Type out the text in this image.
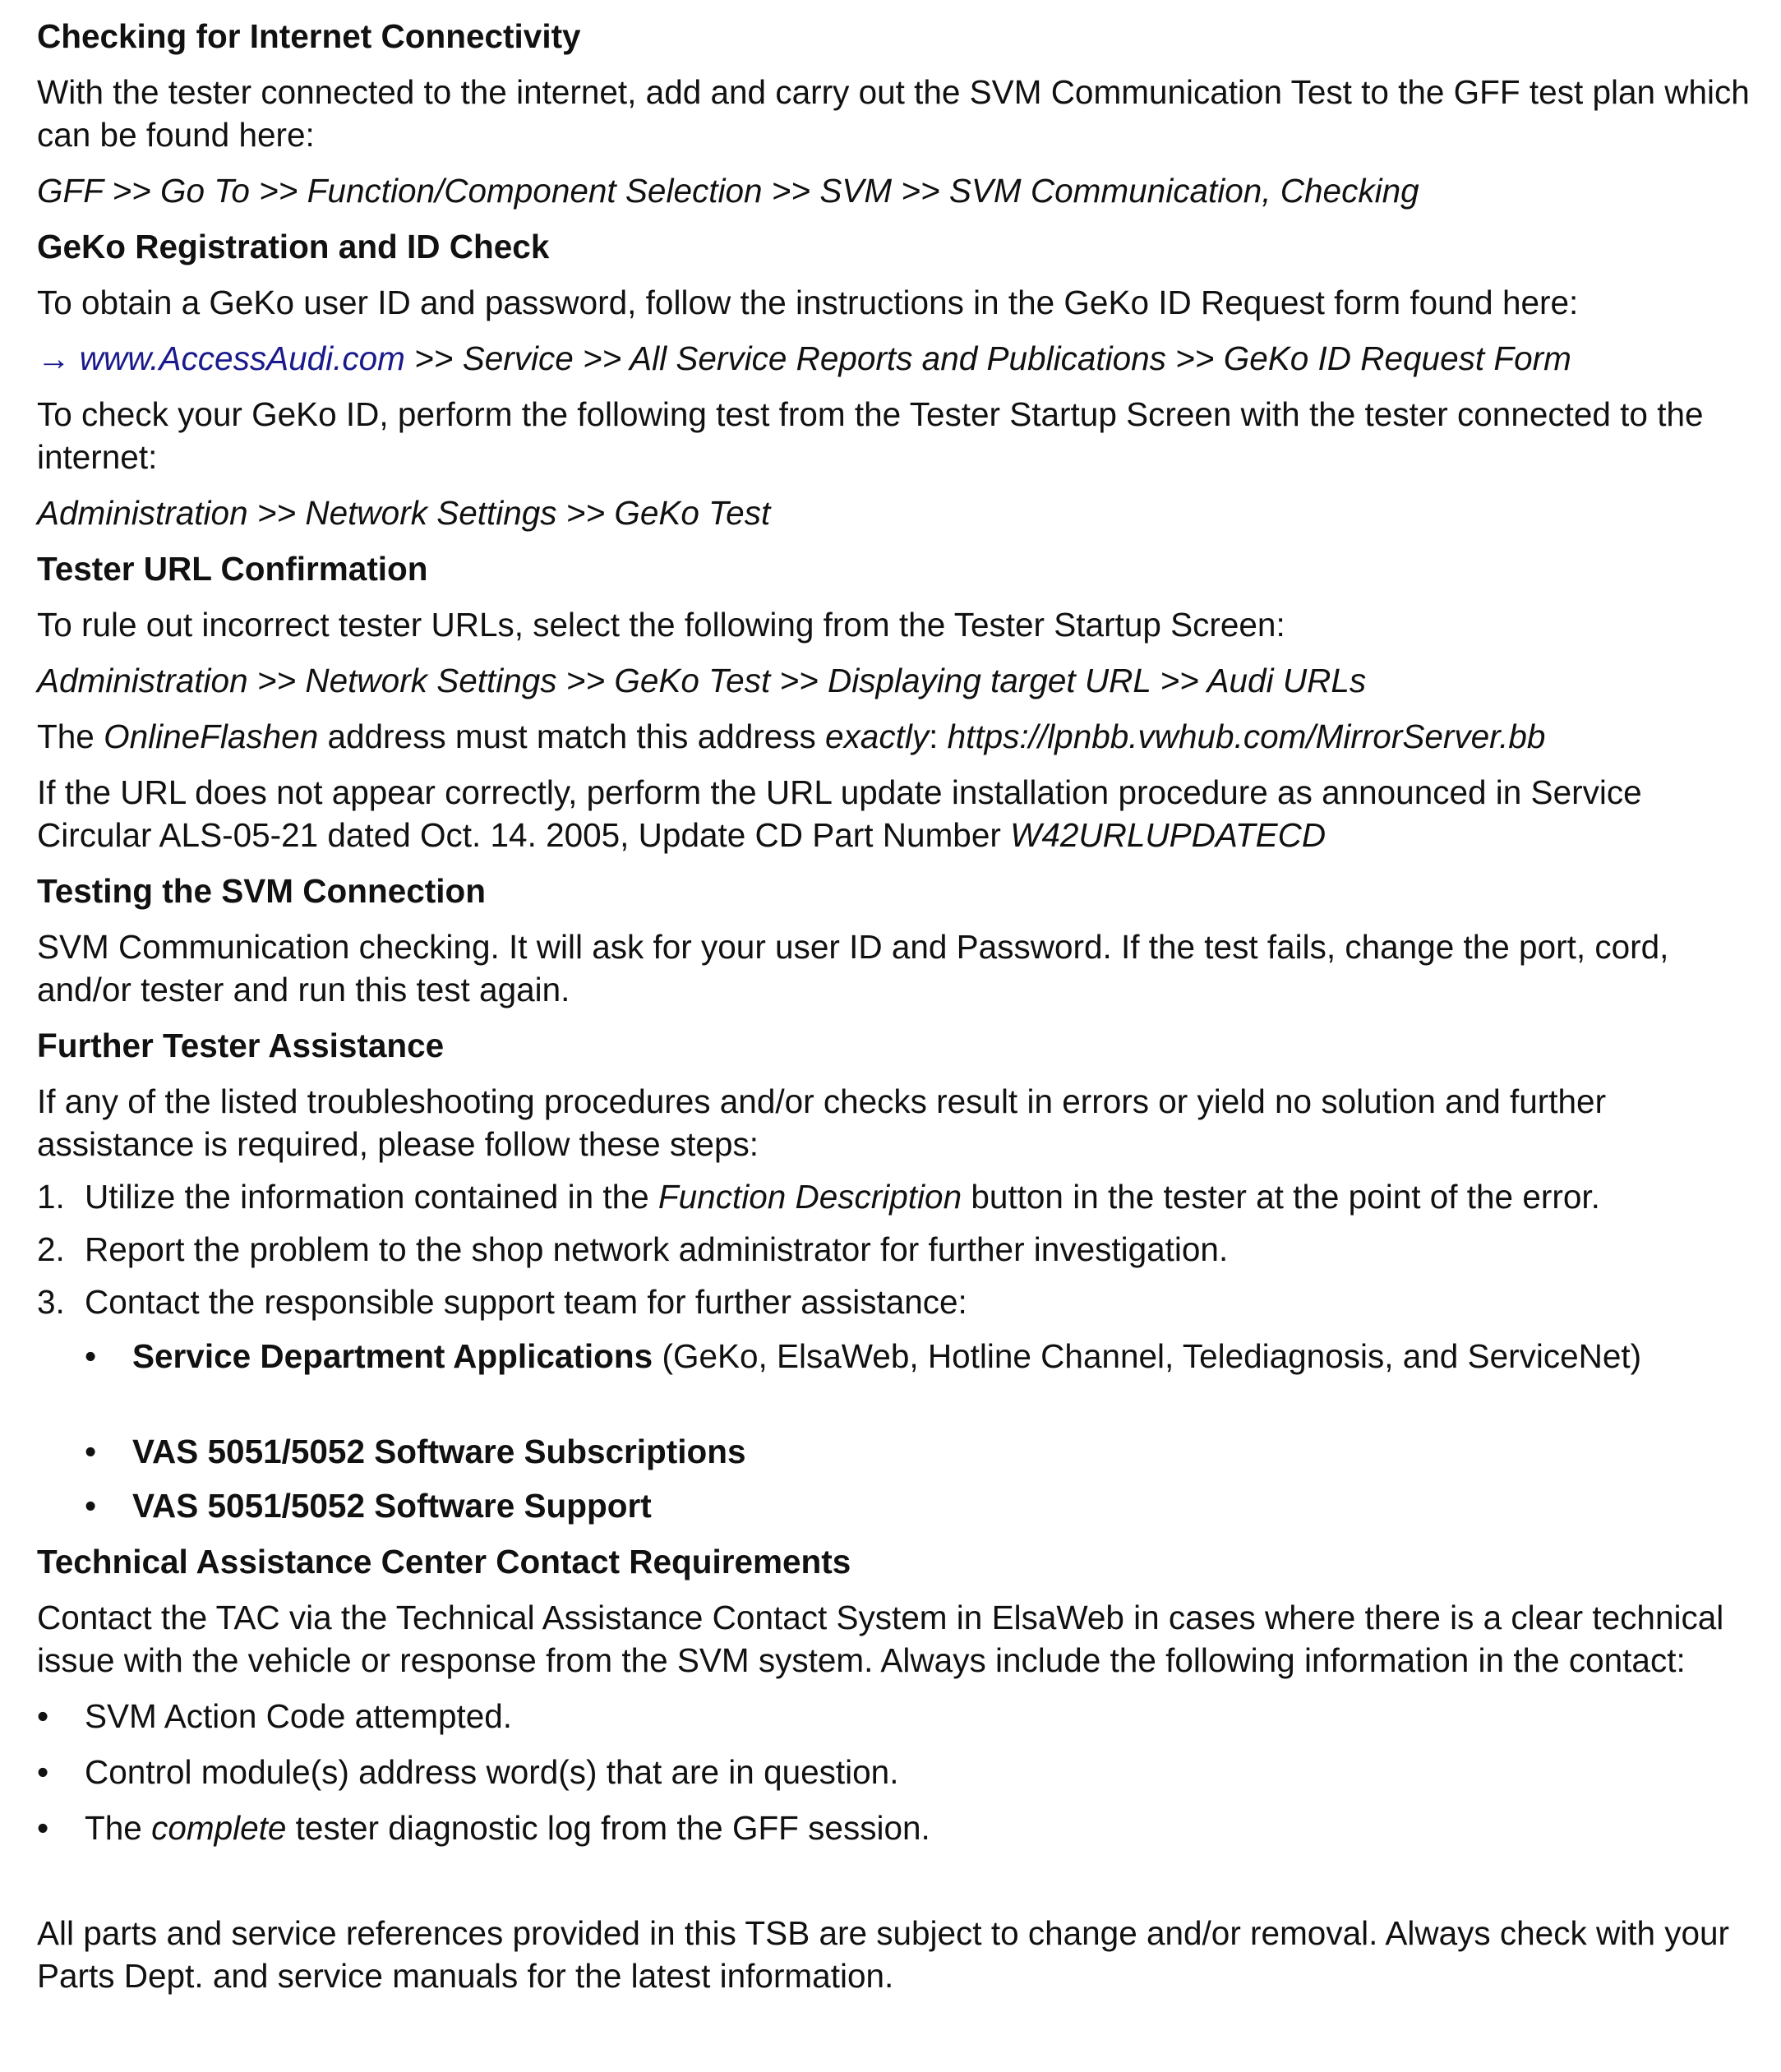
Checking for Internet Connectivity

With the tester connected to the internet, add and carry out the SVM Communication Test to the GFF test plan which can be found here:

GFF >> Go To >> Function/Component Selection >> SVM >> SVM Communication, Checking

GeKo Registration and ID Check

To obtain a GeKo user ID and password, follow the instructions in the GeKo ID Request form found here:

→ www.AccessAudi.com >> Service >> All Service Reports and Publications >> GeKo ID Request Form

To check your GeKo ID, perform the following test from the Tester Startup Screen with the tester connected to the internet:

Administration >> Network Settings >> GeKo Test

Tester URL Confirmation

To rule out incorrect tester URLs, select the following from the Tester Startup Screen:

Administration >> Network Settings >> GeKo Test >> Displaying target URL >> Audi URLs

The OnlineFlashen address must match this address exactly: https://lpnbb.vwhub.com/MirrorServer.bb

If the URL does not appear correctly, perform the URL update installation procedure as announced in Service Circular ALS-05-21 dated Oct. 14. 2005, Update CD Part Number W42URLUPDATECD

Testing the SVM Connection

SVM Communication checking. It will ask for your user ID and Password. If the test fails, change the port, cord, and/or tester and run this test again.

Further Tester Assistance

If any of the listed troubleshooting procedures and/or checks result in errors or yield no solution and further assistance is required, please follow these steps:

1. Utilize the information contained in the Function Description button in the tester at the point of the error.
2. Report the problem to the shop network administrator for further investigation.
3. Contact the responsible support team for further assistance:
• Service Department Applications (GeKo, ElsaWeb, Hotline Channel, Telediagnosis, and ServiceNet)
• VAS 5051/5052 Software Subscriptions
• VAS 5051/5052 Software Support

Technical Assistance Center Contact Requirements

Contact the TAC via the Technical Assistance Contact System in ElsaWeb in cases where there is a clear technical issue with the vehicle or response from the SVM system. Always include the following information in the contact:

• SVM Action Code attempted.
• Control module(s) address word(s) that are in question.
• The complete tester diagnostic log from the GFF session.

All parts and service references provided in this TSB are subject to change and/or removal. Always check with your Parts Dept. and service manuals for the latest information.
